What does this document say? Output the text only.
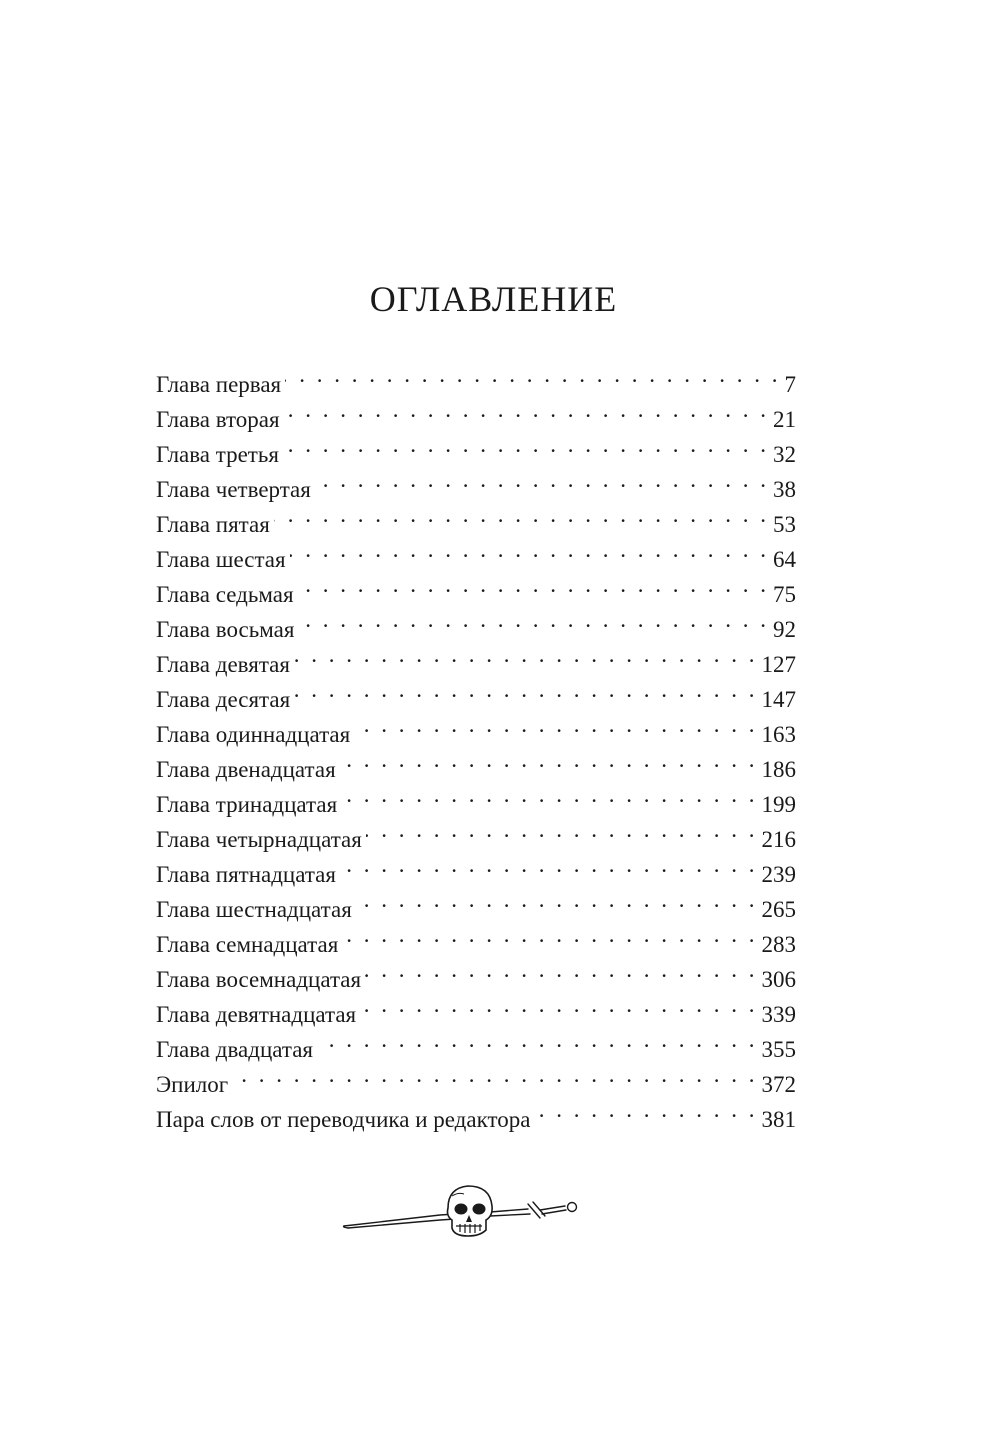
ОГЛАВЛЕНИЕ
Глава первая . . .	7
Глава вторая . . .	21
Глава третья . . .	32
Глава четвертая . . .	38
Глава пятая . . .	53
Глава шестая . . .	64
Глава седьмая . . .	75
Глава восьмая . . .	92
Глава девятая . . .	127
Глава десятая . . .	147
Глава одиннадцатая . . .	163
Глава двенадцатая . . .	186
Глава тринадцатая . . .	199
Глава четырнадцатая . . .	216
Глава пятнадцатая . . .	239
Глава шестнадцатая . . .	265
Глава семнадцатая . . .	283
Глава восемнадцатая . . .	306
Глава девятнадцатая . . .	339
Глава двадцатая . . .	355
Эпилог . . .	372
Пара слов от переводчика и редактора . . .	381
